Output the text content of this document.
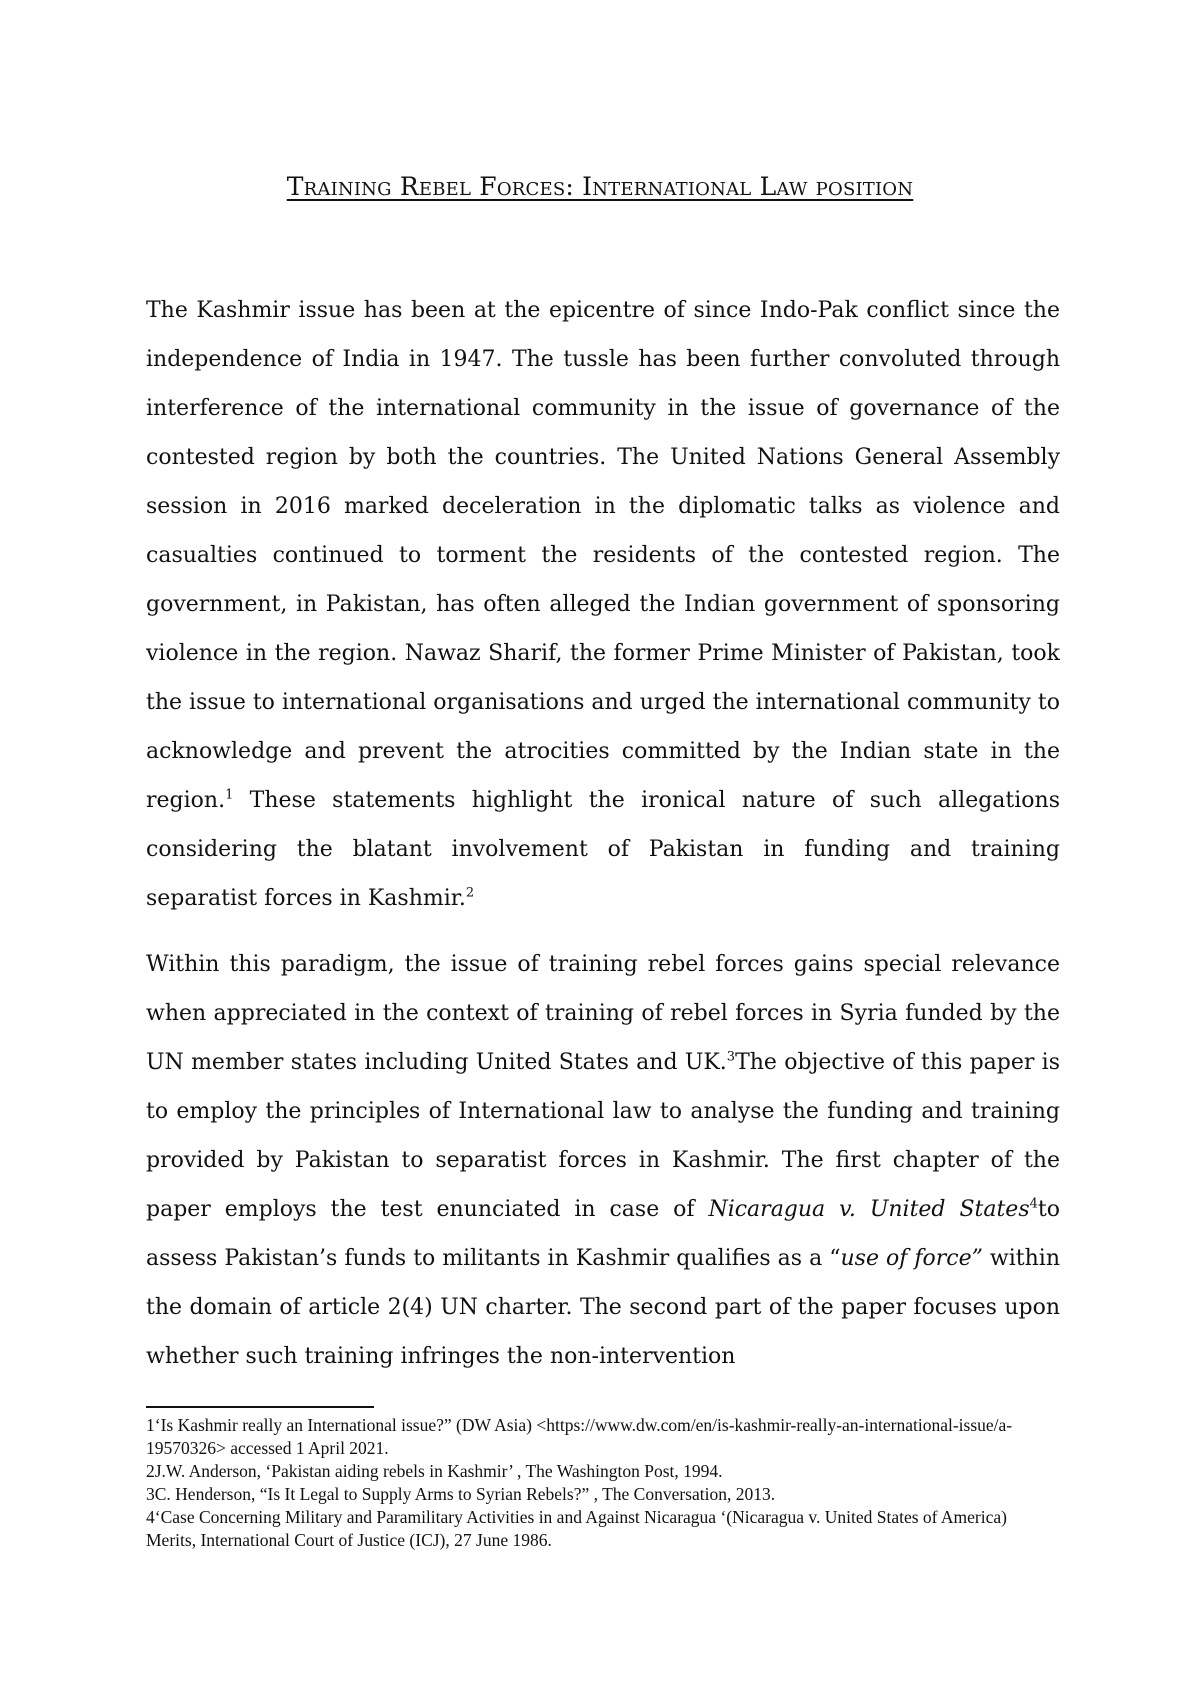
Training Rebel Forces: International Law position

The Kashmir issue has been at the epicentre of since Indo-Pak conflict since the independence of India in 1947. The tussle has been further convoluted through interference of the international community in the issue of governance of the contested region by both the countries. The United Nations General Assembly session in 2016 marked deceleration in the diplomatic talks as violence and casualties continued to torment the residents of the contested region. The government, in Pakistan, has often alleged the Indian government of sponsoring violence in the region. Nawaz Sharif, the former Prime Minister of Pakistan, took the issue to international organisations and urged the international community to acknowledge and prevent the atrocities committed by the Indian state in the region.$^1$ These statements highlight the ironical nature of such allegations considering the blatant involvement of Pakistan in funding and training separatist forces in Kashmir.$^2$

Within this paradigm, the issue of training rebel forces gains special relevance when appreciated in the context of training of rebel forces in Syria funded by the UN member states including United States and UK.$^3$The objective of this paper is to employ the principles of International law to analyse the funding and training provided by Pakistan to separatist forces in Kashmir. The first chapter of the paper employs the test enunciated in case of Nicaragua v. United States$^4$to assess Pakistan’s funds to militants in Kashmir qualifies as a “use of force” within the domain of article 2(4) UN charter. The second part of the paper focuses upon whether such training infringes the non-intervention

1‘Is Kashmir really an International issue?” (DW Asia) <https://www.dw.com/en/is-kashmir-really-an-international-issue/a-19570326> accessed 1 April 2021.
2J.W. Anderson, ‘Pakistan aiding rebels in Kashmir’ , The Washington Post, 1994.
3C. Henderson, “Is It Legal to Supply Arms to Syrian Rebels?” , The Conversation, 2013.
4‘Case Concerning Military and Paramilitary Activities in and Against Nicaragua ‘(Nicaragua v. United States of America) Merits, International Court of Justice (ICJ), 27 June 1986.
